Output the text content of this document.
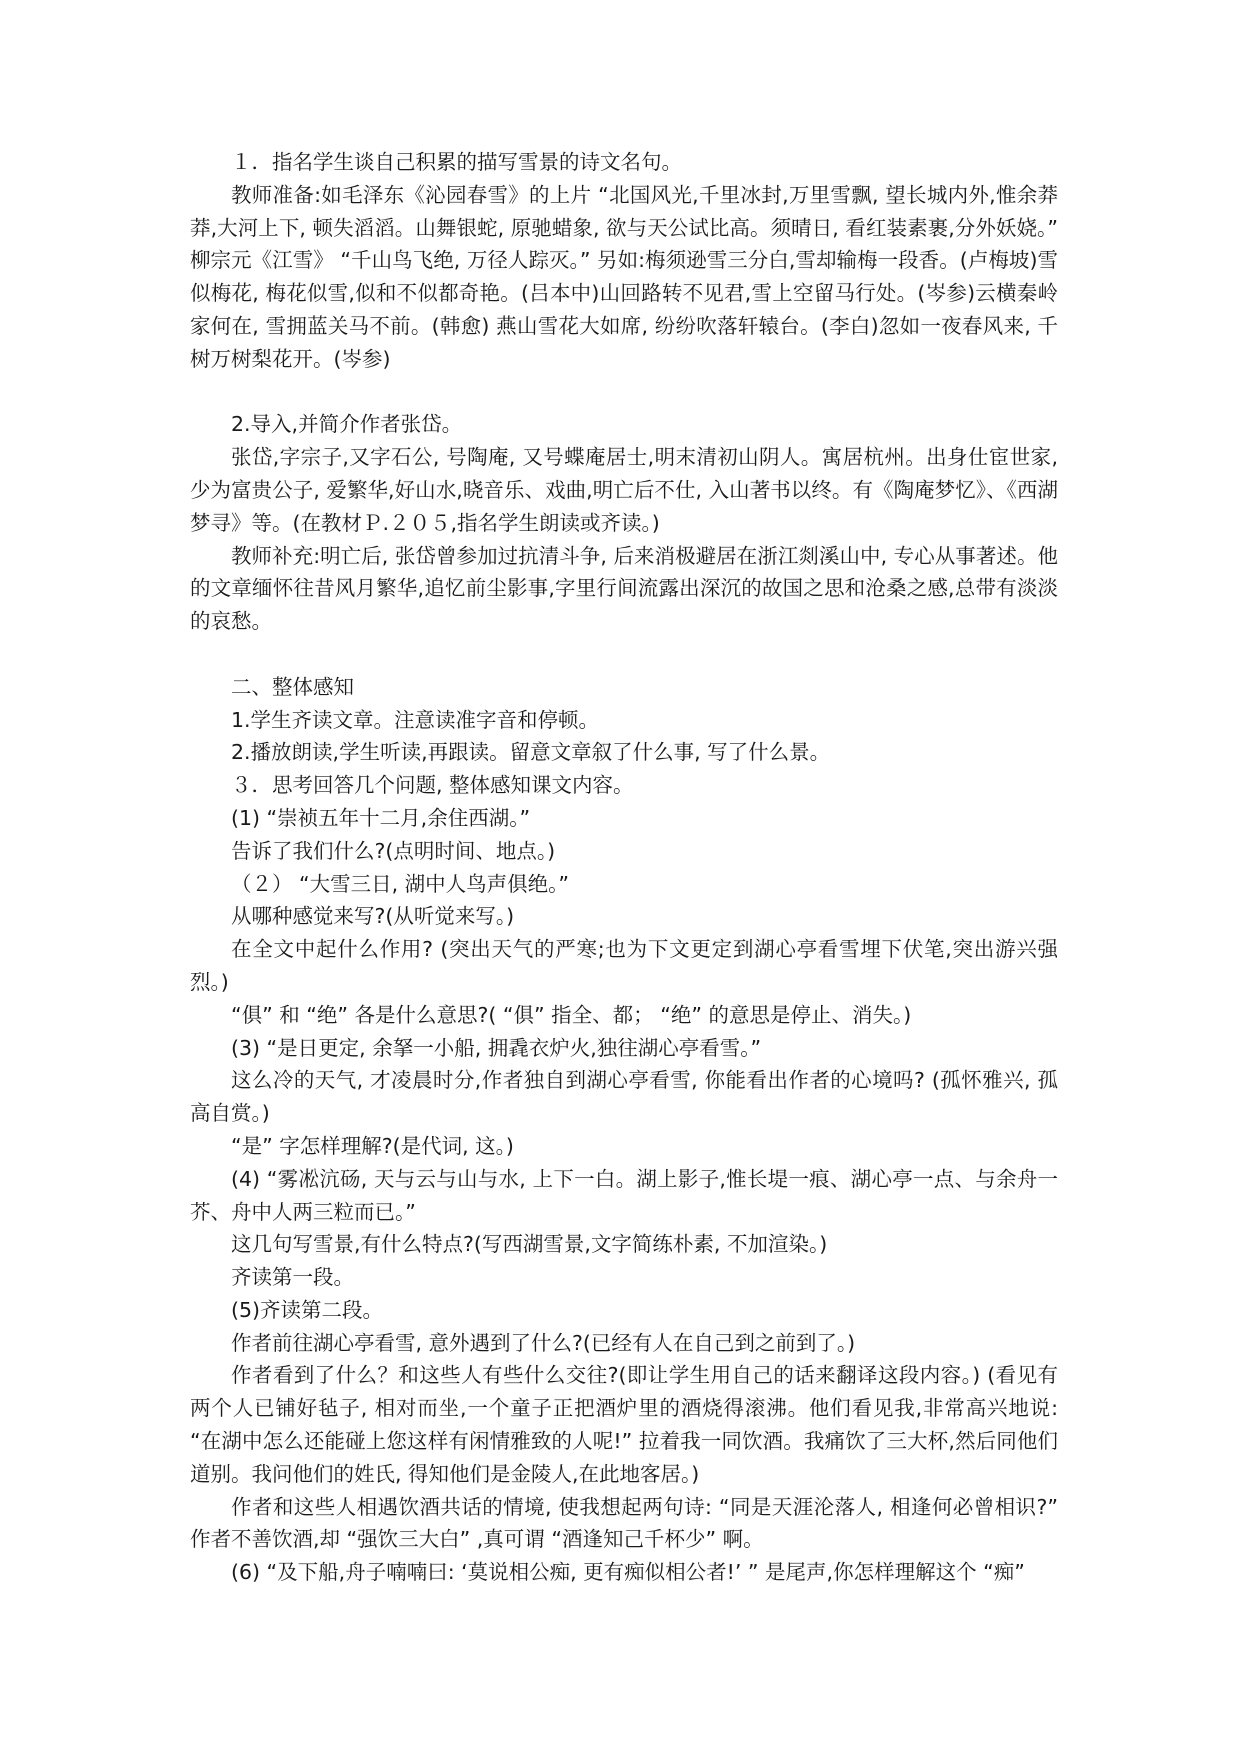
１．指名学生谈自己积累的描写雪景的诗文名句。

教师准备:如毛泽东《沁园春雪》的上片 “北国风光,千里冰封,万里雪飘, 望长城内外,惟余莽莽,大河上下, 顿失滔滔。山舞银蛇, 原驰蜡象, 欲与天公试比高。须晴日, 看红装素裹,分外妖娆。” 柳宗元《江雪》 “千山鸟飞绝, 万径人踪灭。” 另如:梅须逊雪三分白,雪却输梅一段香。(卢梅坡)雪似梅花, 梅花似雪,似和不似都奇艳。(吕本中)山回路转不见君,雪上空留马行处。(岑参)云横秦岭家何在, 雪拥蓝关马不前。(韩愈) 燕山雪花大如席, 纷纷吹落轩辕台。(李白)忽如一夜春风来, 千树万树梨花开。(岑参)

2.导入,并简介作者张岱。

张岱,字宗子,又字石公, 号陶庵, 又号蝶庵居士,明末清初山阴人。寓居杭州。出身仕宦世家,少为富贵公子, 爱繁华,好山水,晓音乐、戏曲,明亡后不仕, 入山著书以终。有《陶庵梦忆》、《西湖梦寻》等。(在教材Ｐ.２０５,指名学生朗读或齐读。)

教师补充:明亡后, 张岱曾参加过抗清斗争, 后来消极避居在浙江剡溪山中, 专心从事著述。他的文章缅怀往昔风月繁华,追忆前尘影事,字里行间流露出深沉的故国之思和沧桑之感,总带有淡淡的哀愁。

二、整体感知

1.学生齐读文章。注意读准字音和停顿。

2.播放朗读,学生听读,再跟读。留意文章叙了什么事, 写了什么景。

３．思考回答几个问题, 整体感知课文内容。

(1) “崇祯五年十二月,余住西湖。”

告诉了我们什么?(点明时间、地点。)

（２） “大雪三日, 湖中人鸟声俱绝。”

从哪种感觉来写?(从听觉来写。)

在全文中起什么作用? (突出天气的严寒;也为下文更定到湖心亭看雪埋下伏笔,突出游兴强烈。)

“俱” 和 “绝” 各是什么意思?( “俱” 指全、都； “绝” 的意思是停止、消失。)

(3) “是日更定, 余拏一小船, 拥毳衣炉火,独往湖心亭看雪。”

这么冷的天气, 才凌晨时分,作者独自到湖心亭看雪, 你能看出作者的心境吗? (孤怀雅兴, 孤高自赏。)

“是” 字怎样理解?(是代词, 这。)

(4) “雾凇沆砀, 天与云与山与水, 上下一白。湖上影子,惟长堤一痕、湖心亭一点、与余舟一芥、舟中人两三粒而已。”

这几句写雪景,有什么特点?(写西湖雪景,文字简练朴素, 不加渲染。)

齐读第一段。

(5)齐读第二段。

作者前往湖心亭看雪, 意外遇到了什么?(已经有人在自己到之前到了。)

作者看到了什么？和这些人有些什么交往?(即让学生用自己的话来翻译这段内容。) (看见有两个人已铺好毡子, 相对而坐,一个童子正把酒炉里的酒烧得滚沸。他们看见我,非常高兴地说: “在湖中怎么还能碰上您这样有闲情雅致的人呢!” 拉着我一同饮酒。我痛饮了三大杯,然后同他们道别。我问他们的姓氏, 得知他们是金陵人,在此地客居。)

作者和这些人相遇饮酒共话的情境, 使我想起两句诗: “同是天涯沦落人, 相逢何必曾相识?” 作者不善饮酒,却 “强饮三大白” ,真可谓 “酒逢知己千杯少” 啊。

(6) “及下船,舟子喃喃曰: ‘莫说相公痴, 更有痴似相公者!’ ” 是尾声,你怎样理解这个 “痴”
